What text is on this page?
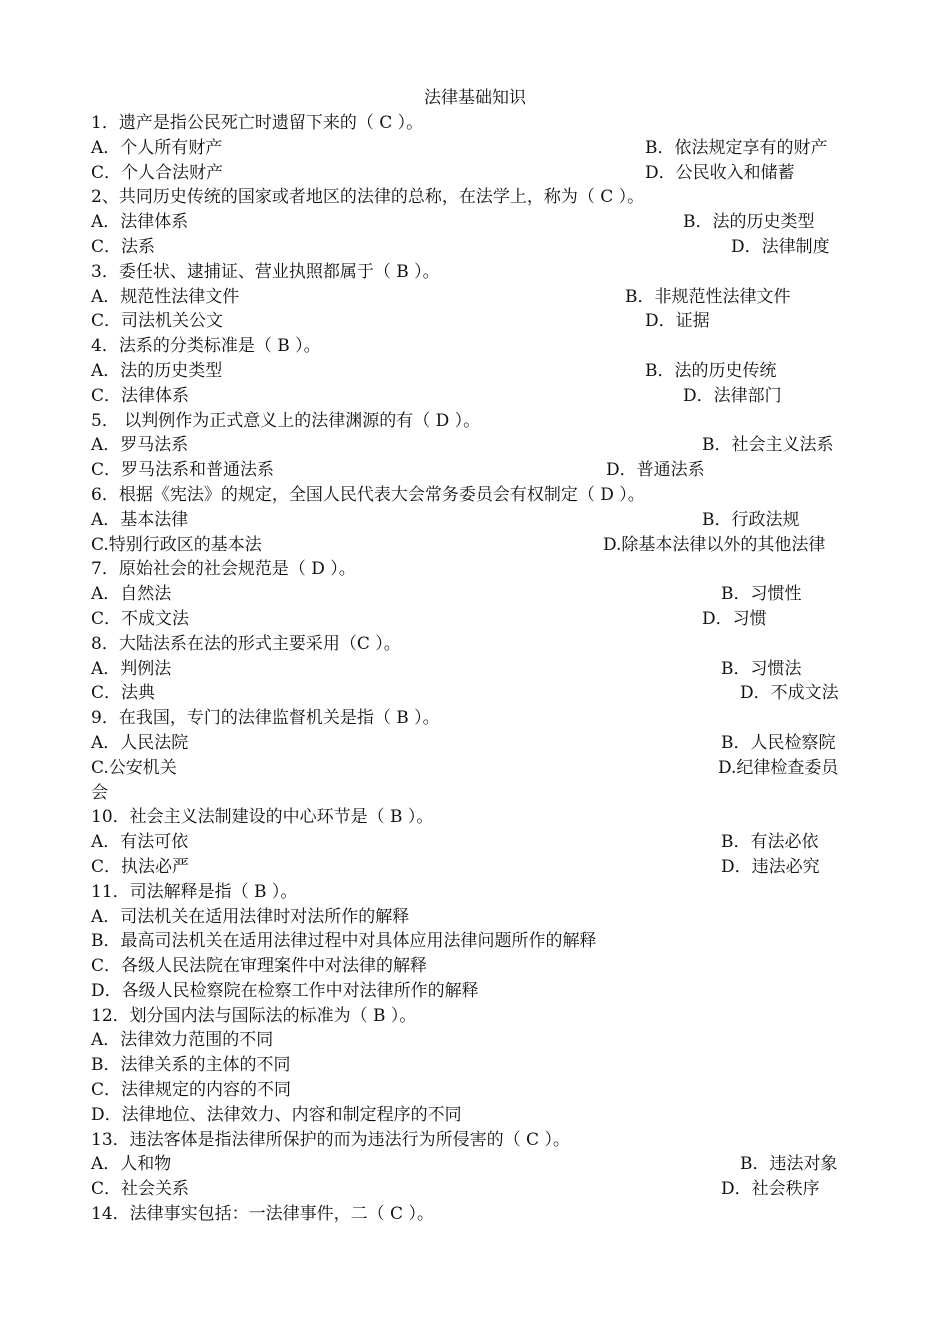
法律基础知识
1．遗产是指公民死亡时遗留下来的（ C ）。
A．个人所有财产	B．依法规定享有的财产
C．个人合法财产	D．公民收入和储蓄
2、共同历史传统的国家或者地区的法律的总称，在法学上，称为（ C ）。
A．法律体系	B．法的历史类型
C．法系	D．法律制度
3．委任状、逮捕证、营业执照都属于（ B ）。
A．规范性法律文件	B．非规范性法律文件
C．司法机关公文	D．证据
4．法系的分类标准是（ B ）。
A．法的历史类型	B．法的历史传统
C．法律体系	D．法律部门
5． 以判例作为正式意义上的法律渊源的有（ D ）。
A．罗马法系	B．社会主义法系
C．罗马法系和普通法系	D．普通法系
6．根据《宪法》的规定，全国人民代表大会常务委员会有权制定（ D ）。
A．基本法律	B．行政法规
C.特别行政区的基本法	D.除基本法律以外的其他法律
7．原始社会的社会规范是（ D ）。
A．自然法	B．习惯性
C．不成文法	D．习惯
8．大陆法系在法的形式主要采用（C ）。
A．判例法	B．习惯法
C．法典	D．不成文法
9．在我国，专门的法律监督机关是指（ B ）。
A．人民法院	B．人民检察院
C.公安机关	D.纪律检查委员
会
10．社会主义法制建设的中心环节是（ B ）。
A．有法可依	B．有法必依
C．执法必严	D．违法必究
11．司法解释是指（ B ）。
A．司法机关在适用法律时对法所作的解释
B．最高司法机关在适用法律过程中对具体应用法律问题所作的解释
C．各级人民法院在审理案件中对法律的解释
D．各级人民检察院在检察工作中对法律所作的解释
12．划分国内法与国际法的标准为（ B ）。
A．法律效力范围的不同
B．法律关系的主体的不同
C．法律规定的内容的不同
D．法律地位、法律效力、内容和制定程序的不同
13．违法客体是指法律所保护的而为违法行为所侵害的（ C ）。
A．人和物	B．违法对象
C．社会关系	D．社会秩序
14．法律事实包括：一法律事件，二（ C ）。
